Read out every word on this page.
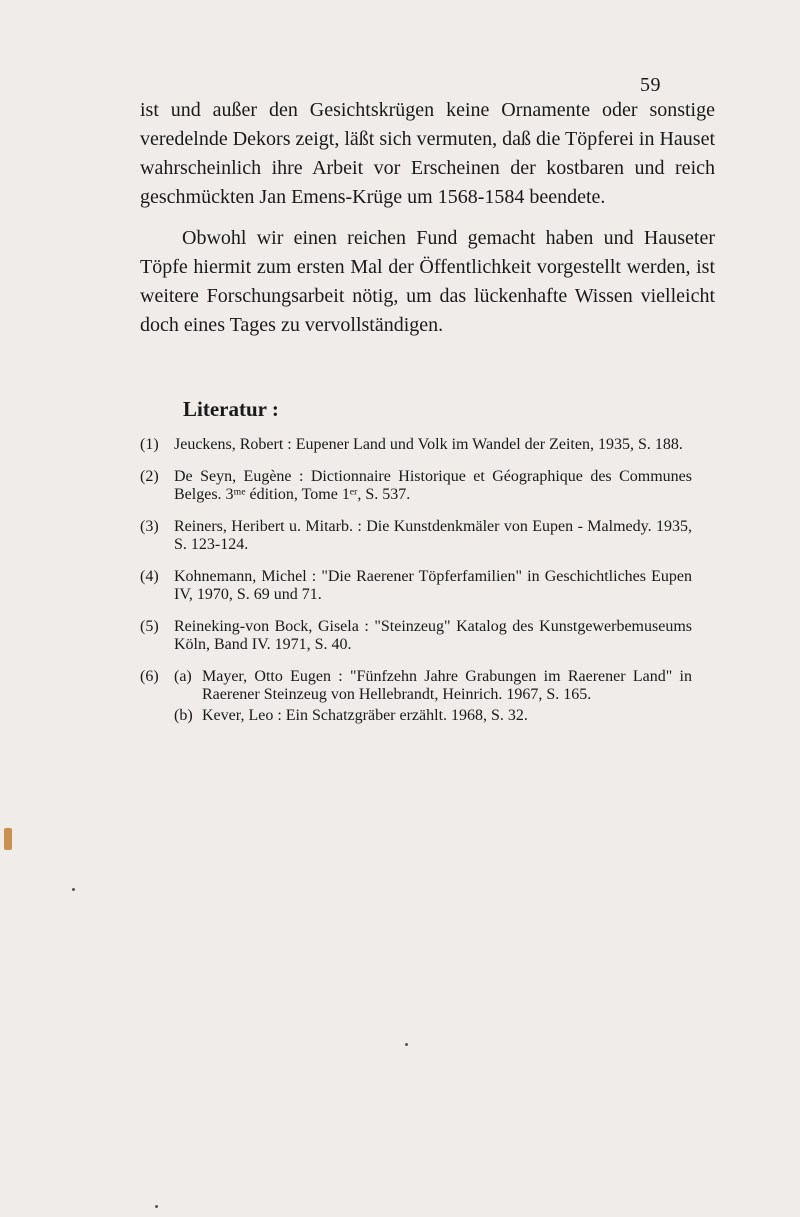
59

ist und außer den Gesichtskrügen keine Ornamente oder sonstige veredelnde Dekors zeigt, läßt sich vermuten, daß die Töpferei in Hauset wahrscheinlich ihre Arbeit vor Erscheinen der kostbaren und reich geschmückten Jan Emens-Krüge um 1568-1584 beendete.

Obwohl wir einen reichen Fund gemacht haben und Hauseter Töpfe hiermit zum ersten Mal der Öffentlichkeit vorgestellt werden, ist weitere Forschungsarbeit nötig, um das lückenhafte Wissen vielleicht doch eines Tages zu vervollständigen.

Literatur :
(1) Jeuckens, Robert : Eupener Land und Volk im Wandel der Zeiten, 1935, S. 188.
(2) De Seyn, Eugène : Dictionnaire Historique et Géographique des Communes Belges. 3ᵐᵉ édition, Tome 1ᵉʳ, S. 537.
(3) Reiners, Heribert u. Mitarb. : Die Kunstdenkmäler von Eupen - Malmedy. 1935, S. 123-124.
(4) Kohnemann, Michel : "Die Raerener Töpferfamilien" in Geschichtliches Eupen IV, 1970, S. 69 und 71.
(5) Reineking-von Bock, Gisela : "Steinzeug" Katalog des Kunstgewerbemuseums Köln, Band IV. 1971, S. 40.
(6) (a) Mayer, Otto Eugen : "Fünfzehn Jahre Grabungen im Raerener Land" in Raerener Steinzeug von Hellebrandt, Heinrich. 1967, S. 165.
(b) Kever, Leo : Ein Schatzgräber erzählt. 1968, S. 32.
